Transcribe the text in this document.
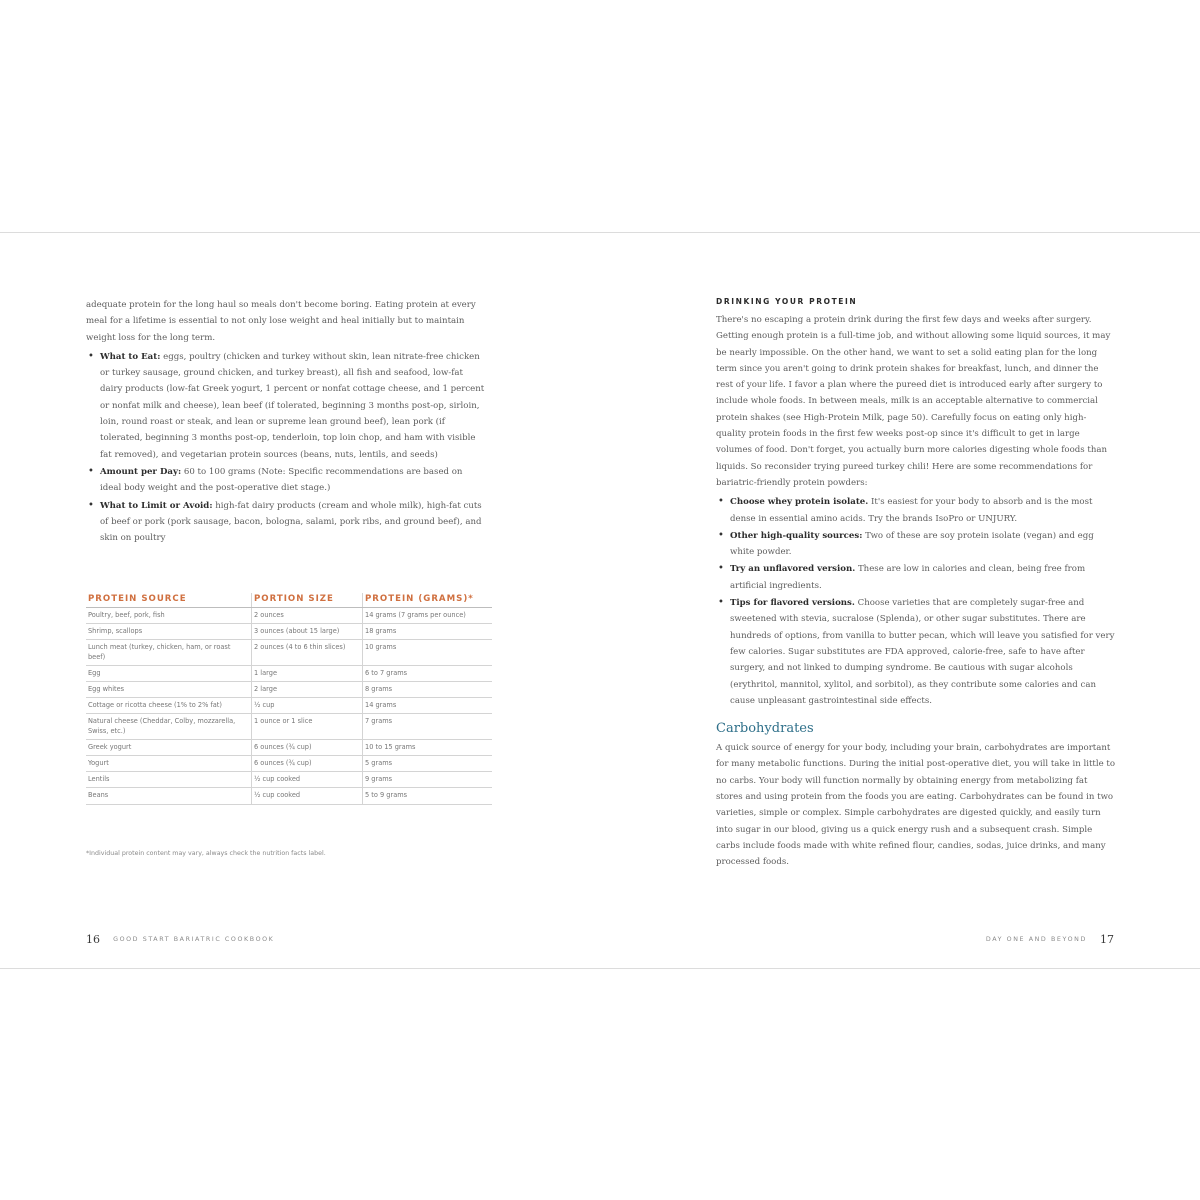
adequate protein for the long haul so meals don't become boring. Eating protein at every meal for a lifetime is essential to not only lose weight and heal initially but to maintain weight loss for the long term.

• What to Eat: eggs, poultry (chicken and turkey without skin, lean nitrate-free chicken or turkey sausage, ground chicken, and turkey breast), all fish and seafood, low-fat dairy products (low-fat Greek yogurt, 1 percent or nonfat cottage cheese, and 1 percent or nonfat milk and cheese), lean beef (if tolerated, beginning 3 months post-op, sirloin, loin, round roast or steak, and lean or supreme lean ground beef), lean pork (if tolerated, beginning 3 months post-op, tenderloin, top loin chop, and ham with visible fat removed), and vegetarian protein sources (beans, nuts, lentils, and seeds)
• Amount per Day: 60 to 100 grams (Note: Specific recommendations are based on ideal body weight and the post-operative diet stage.)
• What to Limit or Avoid: high-fat dairy products (cream and whole milk), high-fat cuts of beef or pork (pork sausage, bacon, bologna, salami, pork ribs, and ground beef), and skin on poultry
PROTEIN SOURCE	PORTION SIZE	PROTEIN (GRAMS)*
Poultry, beef, pork, fish	2 ounces	14 grams (7 grams per ounce)
Shrimp, scallops	3 ounces (about 15 large)	18 grams
Lunch meat (turkey, chicken, ham, or roast beef)	2 ounces (4 to 6 thin slices)	10 grams
Egg	1 large	6 to 7 grams
Egg whites	2 large	8 grams
Cottage or ricotta cheese (1% to 2% fat)	½ cup	14 grams
Natural cheese (Cheddar, Colby, mozzarella, Swiss, etc.)	1 ounce or 1 slice	7 grams
Greek yogurt	6 ounces (¾ cup)	10 to 15 grams
Yogurt	6 ounces (¾ cup)	5 grams
Lentils	½ cup cooked	9 grams
Beans	½ cup cooked	5 to 9 grams
*Individual protein content may vary, always check the nutrition facts label.
16 GOOD START BARIATRIC COOKBOOK
DRINKING YOUR PROTEIN

There's no escaping a protein drink during the first few days and weeks after surgery. Getting enough protein is a full-time job, and without allowing some liquid sources, it may be nearly impossible. On the other hand, we want to set a solid eating plan for the long term since you aren't going to drink protein shakes for breakfast, lunch, and dinner the rest of your life. I favor a plan where the pureed diet is introduced early after surgery to include whole foods. In between meals, milk is an acceptable alternative to commercial protein shakes (see High-Protein Milk, page 50). Carefully focus on eating only high-quality protein foods in the first few weeks post-op since it's difficult to get in large volumes of food. Don't forget, you actually burn more calories digesting whole foods than liquids. So reconsider trying pureed turkey chili! Here are some recommendations for bariatric-friendly protein powders:

• Choose whey protein isolate. It's easiest for your body to absorb and is the most dense in essential amino acids. Try the brands IsoPro or UNJURY.
• Other high-quality sources: Two of these are soy protein isolate (vegan) and egg white powder.
• Try an unflavored version. These are low in calories and clean, being free from artificial ingredients.
• Tips for flavored versions. Choose varieties that are completely sugar-free and sweetened with stevia, sucralose (Splenda), or other sugar substitutes. There are hundreds of options, from vanilla to butter pecan, which will leave you satisfied for very few calories. Sugar substitutes are FDA approved, calorie-free, safe to have after surgery, and not linked to dumping syndrome. Be cautious with sugar alcohols (erythritol, mannitol, xylitol, and sorbitol), as they contribute some calories and can cause unpleasant gastrointestinal side effects.
Carbohydrates

A quick source of energy for your body, including your brain, carbohydrates are important for many metabolic functions. During the initial post-operative diet, you will take in little to no carbs. Your body will function normally by obtaining energy from metabolizing fat stores and using protein from the foods you are eating. Carbohydrates can be found in two varieties, simple or complex. Simple carbohydrates are digested quickly, and easily turn into sugar in our blood, giving us a quick energy rush and a subsequent crash. Simple carbs include foods made with white refined flour, candies, sodas, juice drinks, and many processed foods.

DAY ONE AND BEYOND 17
